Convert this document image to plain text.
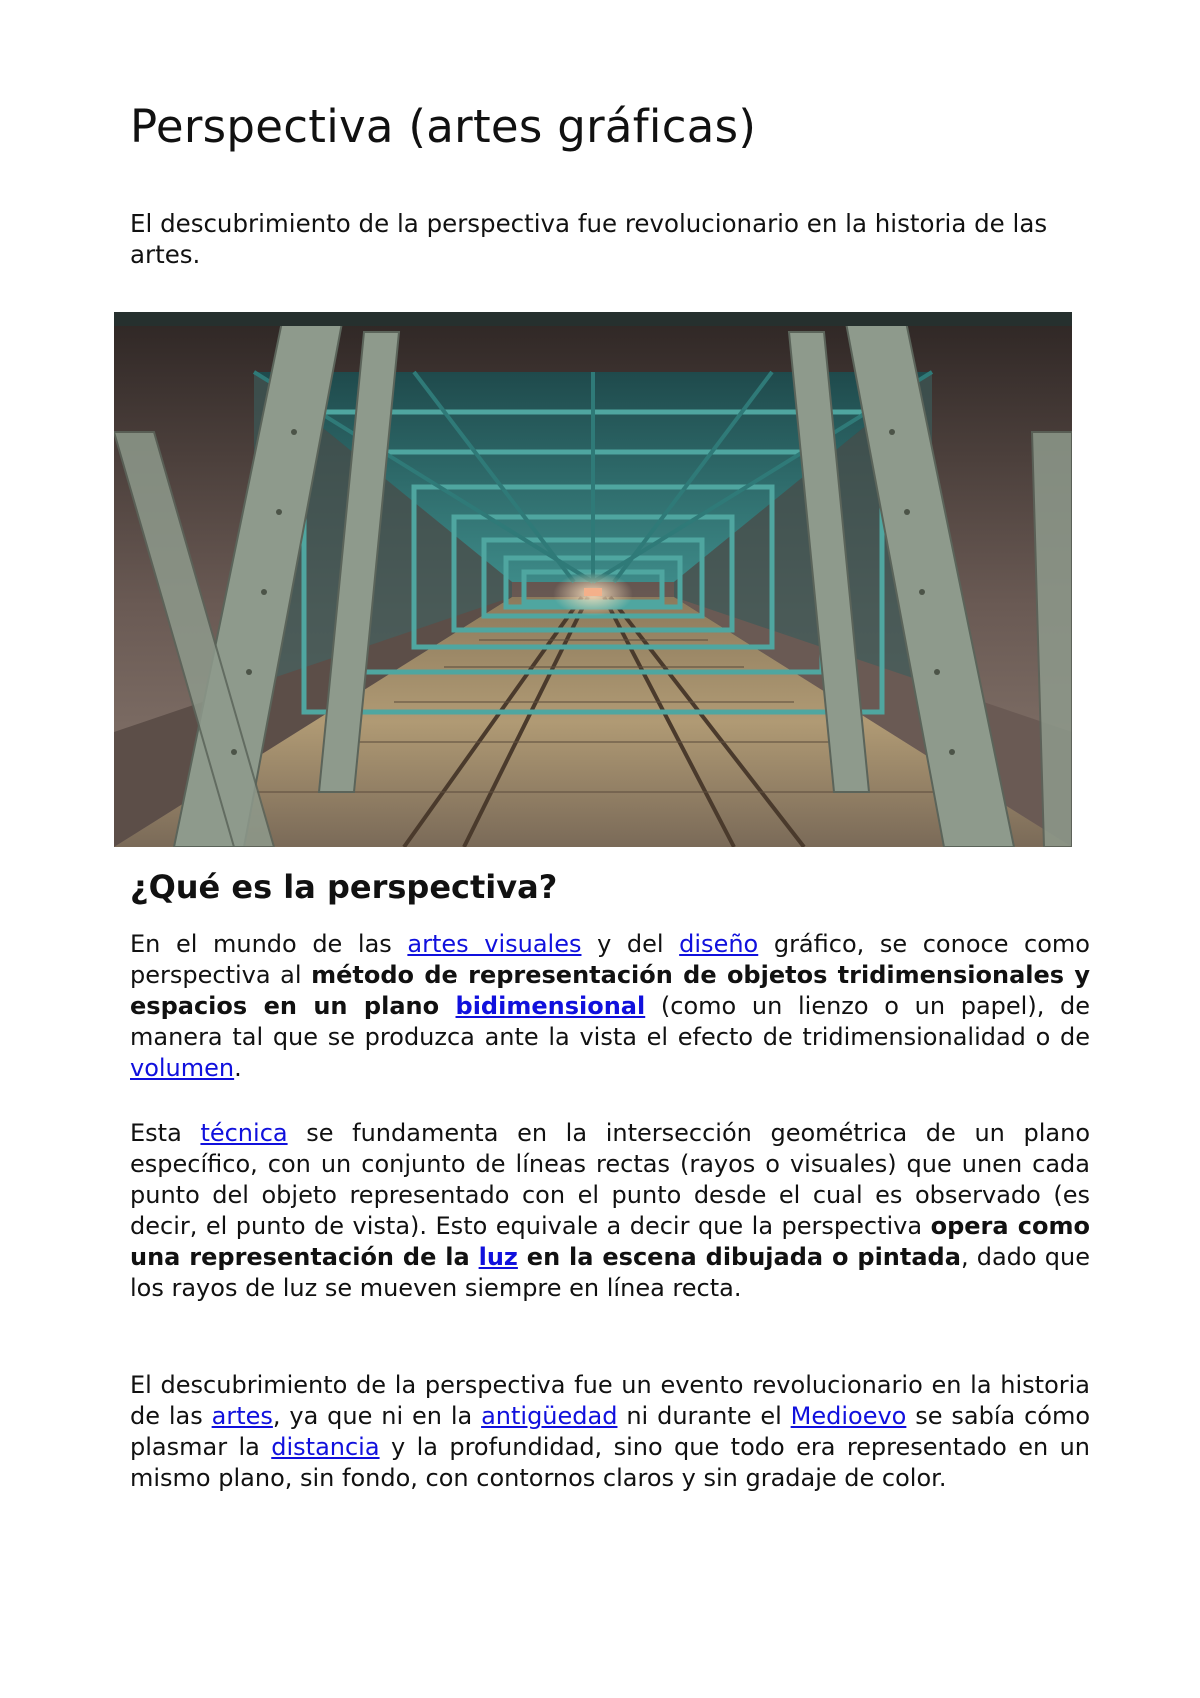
Perspectiva (artes gráficas)

El descubrimiento de la perspectiva fue revolucionario en la historia de las artes.

¿Qué es la perspectiva?

En el mundo de las artes visuales y del diseño gráfico, se conoce como perspectiva al método de representación de objetos tridimensionales y espacios en un plano bidimensional (como un lienzo o un papel), de manera tal que se produzca ante la vista el efecto de tridimensionalidad o de volumen.

Esta técnica se fundamenta en la intersección geométrica de un plano específico, con un conjunto de líneas rectas (rayos o visuales) que unen cada punto del objeto representado con el punto desde el cual es observado (es decir, el punto de vista). Esto equivale a decir que la perspectiva opera como una representación de la luz en la escena dibujada o pintada, dado que los rayos de luz se mueven siempre en línea recta.

El descubrimiento de la perspectiva fue un evento revolucionario en la historia de las artes, ya que ni en la antigüedad ni durante el Medioevo se sabía cómo plasmar la distancia y la profundidad, sino que todo era representado en un mismo plano, sin fondo, con contornos claros y sin gradaje de color.
